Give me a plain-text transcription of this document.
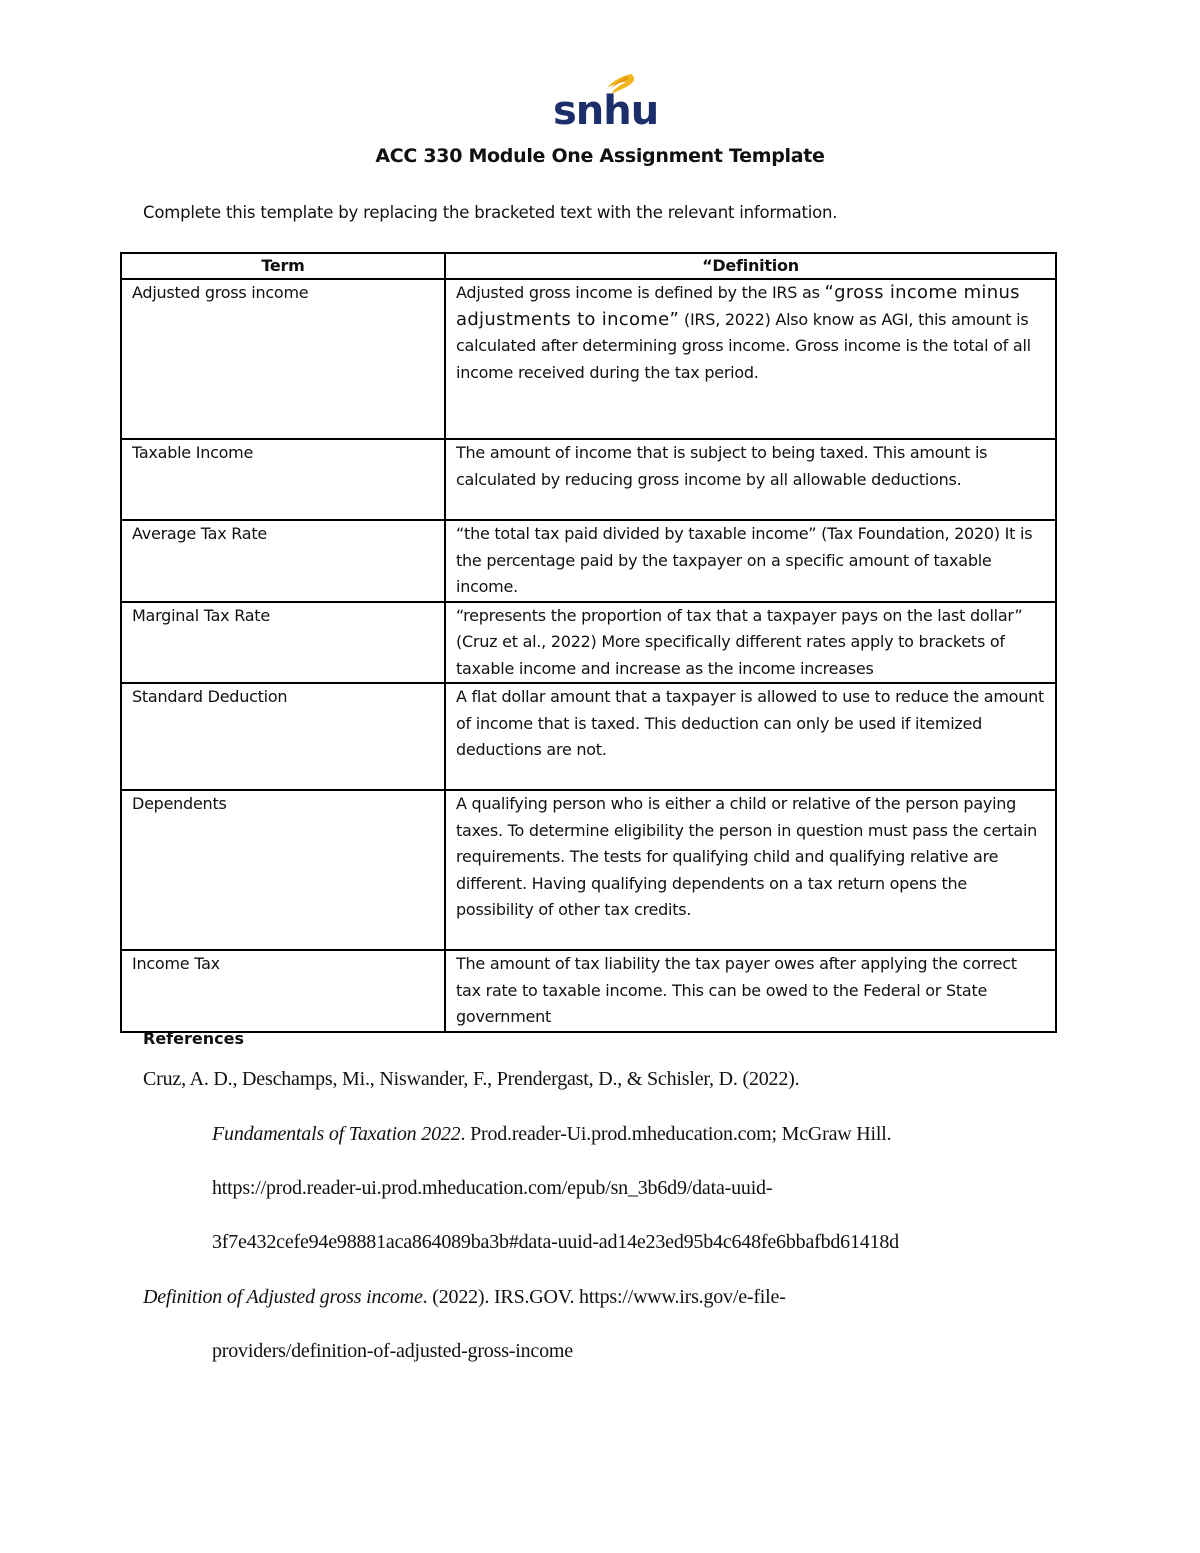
snhu
ACC 330 Module One Assignment Template
Complete this template by replacing the bracketed text with the relevant information.
Term	“Definition
Adjusted gross income	Adjusted gross income is defined by the IRS as “gross income minus adjustments to income” (IRS, 2022) Also know as AGI, this amount is calculated after determining gross income. Gross income is the total of all income received during the tax period.
Taxable Income	The amount of income that is subject to being taxed. This amount is calculated by reducing gross income by all allowable deductions.
Average Tax Rate	“the total tax paid divided by taxable income” (Tax Foundation, 2020) It is the percentage paid by the taxpayer on a specific amount of taxable income.
Marginal Tax Rate	“represents the proportion of tax that a taxpayer pays on the last dollar” (Cruz et al., 2022) More specifically different rates apply to brackets of taxable income and increase as the income increases
Standard Deduction	A flat dollar amount that a taxpayer is allowed to use to reduce the amount of income that is taxed. This deduction can only be used if itemized deductions are not.
Dependents	A qualifying person who is either a child or relative of the person paying taxes. To determine eligibility the person in question must pass the certain requirements. The tests for qualifying child and qualifying relative are different. Having qualifying dependents on a tax return opens the possibility of other tax credits.
Income Tax	The amount of tax liability the tax payer owes after applying the correct tax rate to taxable income. This can be owed to the Federal or State government
References
Cruz, A. D., Deschamps, Mi., Niswander, F., Prendergast, D., & Schisler, D. (2022).
Fundamentals of Taxation 2022. Prod.reader-Ui.prod.mheducation.com; McGraw Hill.
https://prod.reader-ui.prod.mheducation.com/epub/sn_3b6d9/data-uuid-
3f7e432cefe94e98881aca864089ba3b#data-uuid-ad14e23ed95b4c648fe6bbafbd61418d
Definition of Adjusted gross income. (2022). IRS.GOV. https://www.irs.gov/e-file-
providers/definition-of-adjusted-gross-income
